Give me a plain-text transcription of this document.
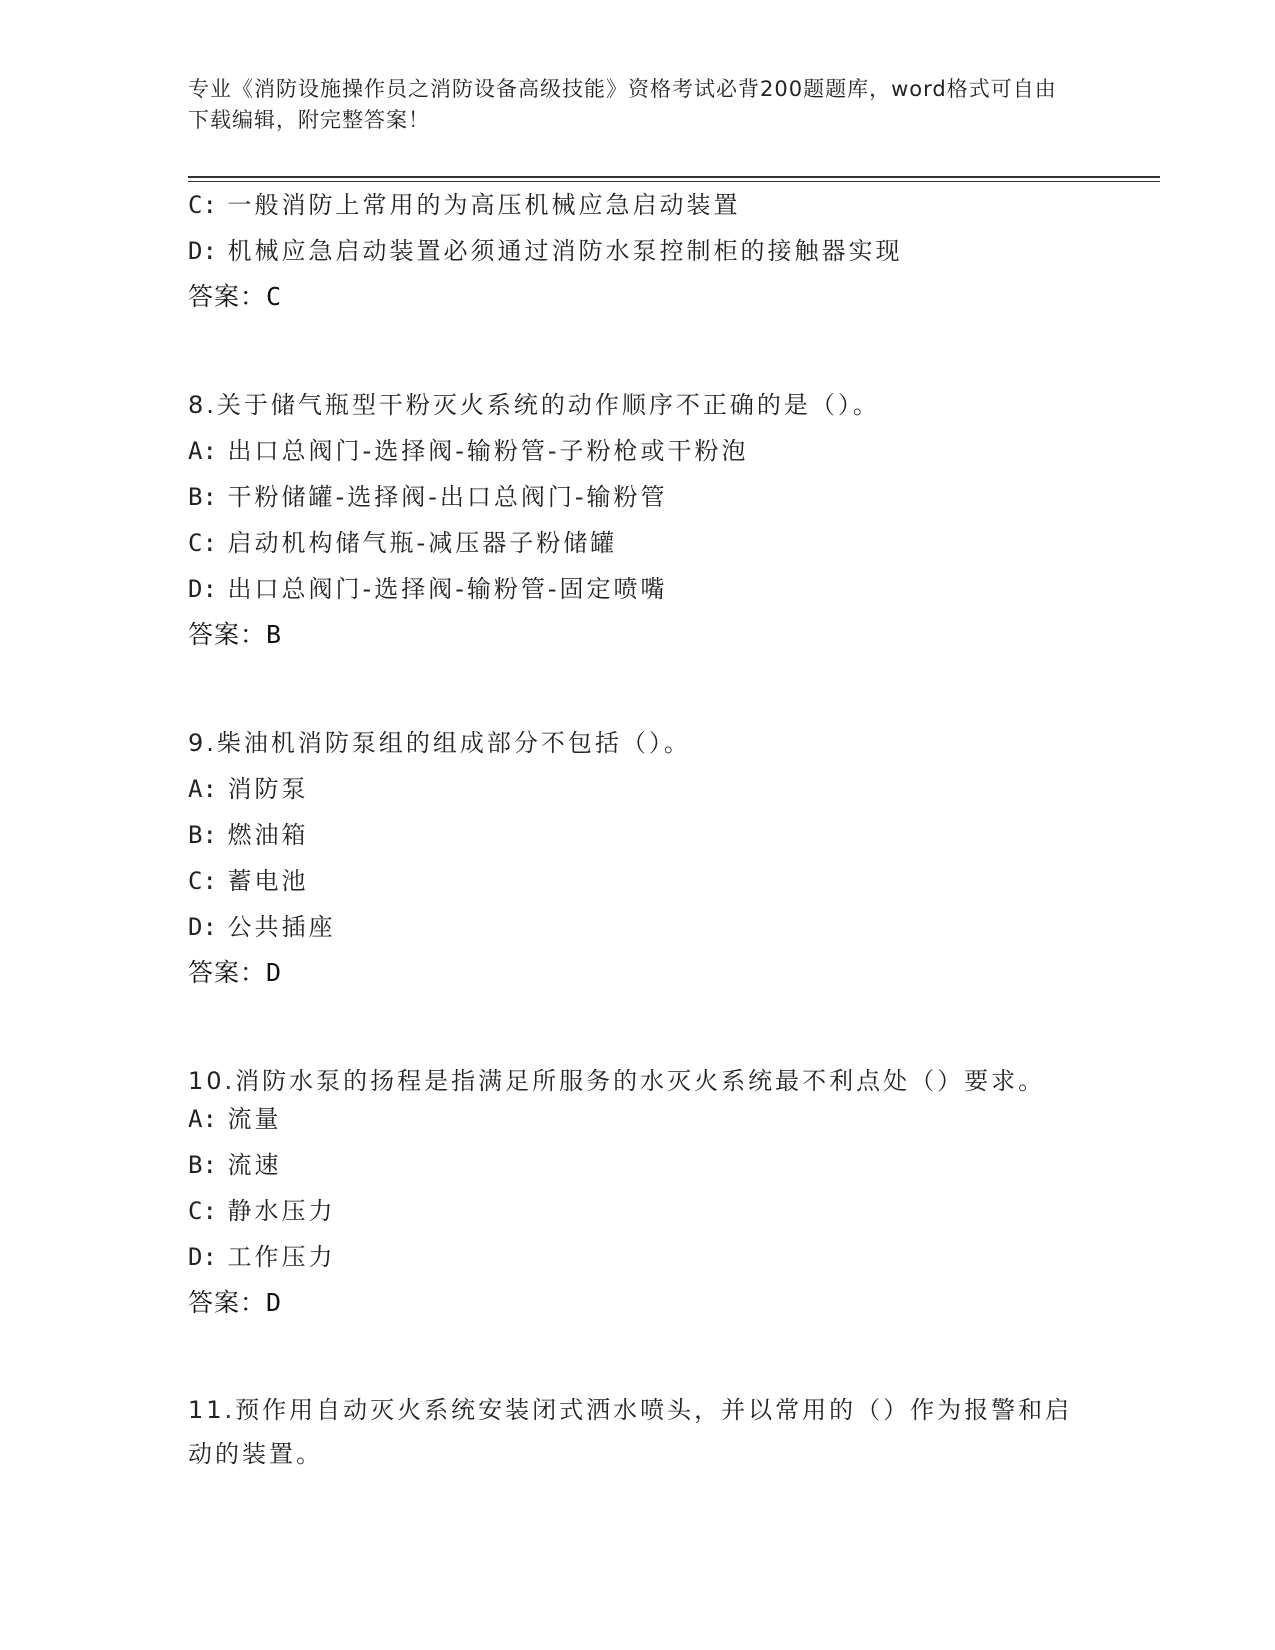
专业《消防设施操作员之消防设备高级技能》资格考试必背200题题库，word格式可自由下载编辑，附完整答案！
C: 一般消防上常用的为高压机械应急启动装置
D: 机械应急启动装置必须通过消防水泵控制柜的接触器实现
答案：C
8.关于储气瓶型干粉灭火系统的动作顺序不正确的是（）。
A: 出口总阀门-选择阀-输粉管-子粉枪或干粉泡
B: 干粉储罐-选择阀-出口总阀门-输粉管
C: 启动机构储气瓶-减压器子粉储罐
D: 出口总阀门-选择阀-输粉管-固定喷嘴
答案：B
9.柴油机消防泵组的组成部分不包括（）。
A: 消防泵
B: 燃油箱
C: 蓄电池
D: 公共插座
答案：D
10.消防水泵的扬程是指满足所服务的水灭火系统最不利点处（）要求。
A: 流量
B: 流速
C: 静水压力
D: 工作压力
答案：D
11.预作用自动灭火系统安装闭式洒水喷头，并以常用的（）作为报警和启动的装置。
